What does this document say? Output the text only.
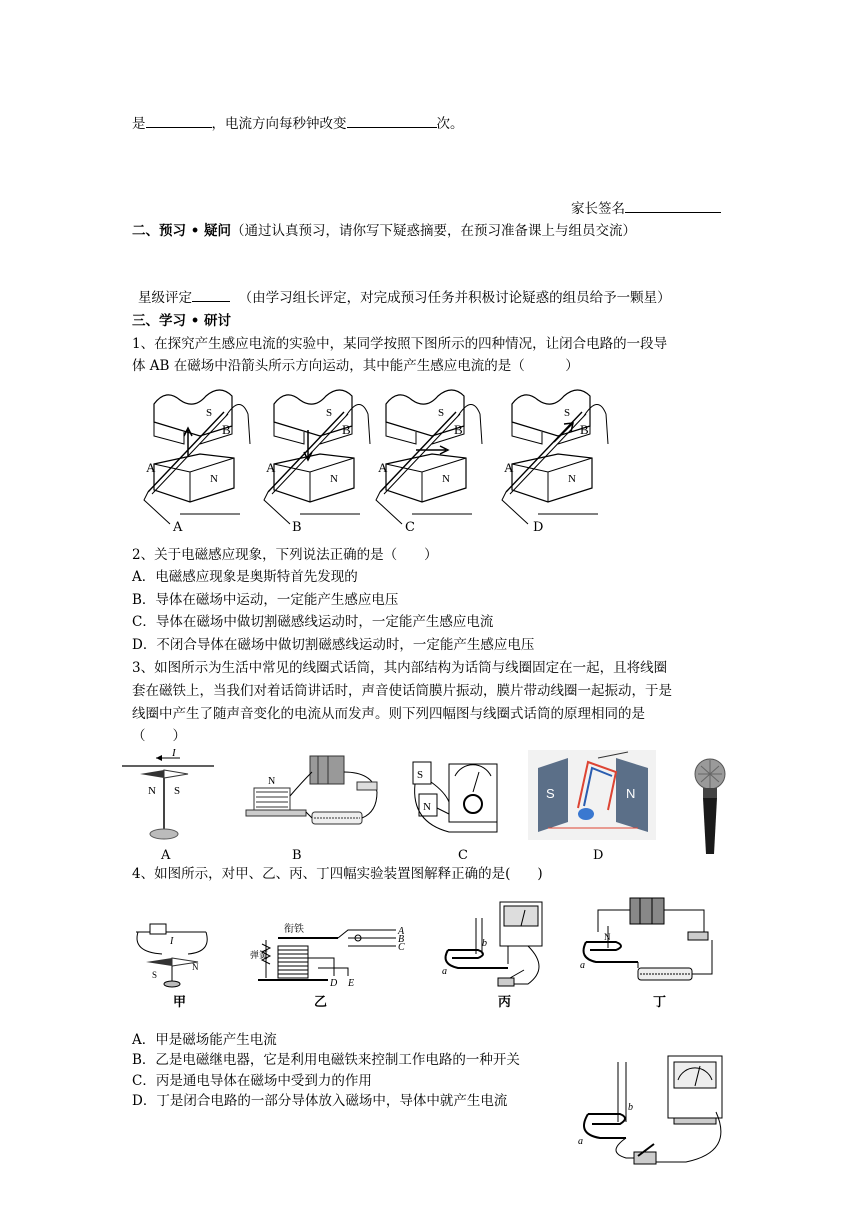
是	，电流方向每秒钟改变	次。
家长签名
二、预习 • 疑问（通过认真预习，请你写下疑惑摘要，在预习准备课上与组员交流）
星级评定	（由学习组长评定，对完成预习任务并积极讨论疑惑的组员给予一颗星）
三、学习 • 研讨
1、在探究产生感应电流的实验中，某同学按照下图所示的四种情况，让闭合电路的一段导
体 AB 在磁场中沿箭头所示方向运动，其中能产生感应电流的是（　　　）
S
N
B
A
S
N
B
A
S
N
B
A
S
N
B
A
A	B	C	D
2、关于电磁感应现象，下列说法正确的是（　　）
A．电磁感应现象是奥斯特首先发现的
B．导体在磁场中运动，一定能产生感应电压
C．导体在磁场中做切割磁感线运动时，一定能产生感应电流
D．不闭合导体在磁场中做切割磁感线运动时，一定能产生感应电压
3、如图所示为生活中常见的线圈式话筒，其内部结构为话筒与线圈固定在一起，且将线圈
套在磁铁上，当我们对着话筒讲话时，声音使话筒膜片振动，膜片带动线圈一起振动，于是
线圈中产生了随声音变化的电流从而发声。则下列四幅图与线圈式话筒的原理相同的是
（　　）
I
N S
N
S
N
S	N
A	B	C	D
4、如图所示，对甲、乙、丙、丁四幅实验装置图解释正确的是(　　)
I
S
N
甲
衔铁
弹簧
A
B
C
D E
乙
a
b
丙
N
a
丁
A．甲是磁场能产生电流
B．乙是电磁继电器，它是利用电磁铁来控制工作电路的一种开关
C．丙是通电导体在磁场中受到力的作用
D．丁是闭合电路的一部分导体放入磁场中，导体中就产生电流	b
a
